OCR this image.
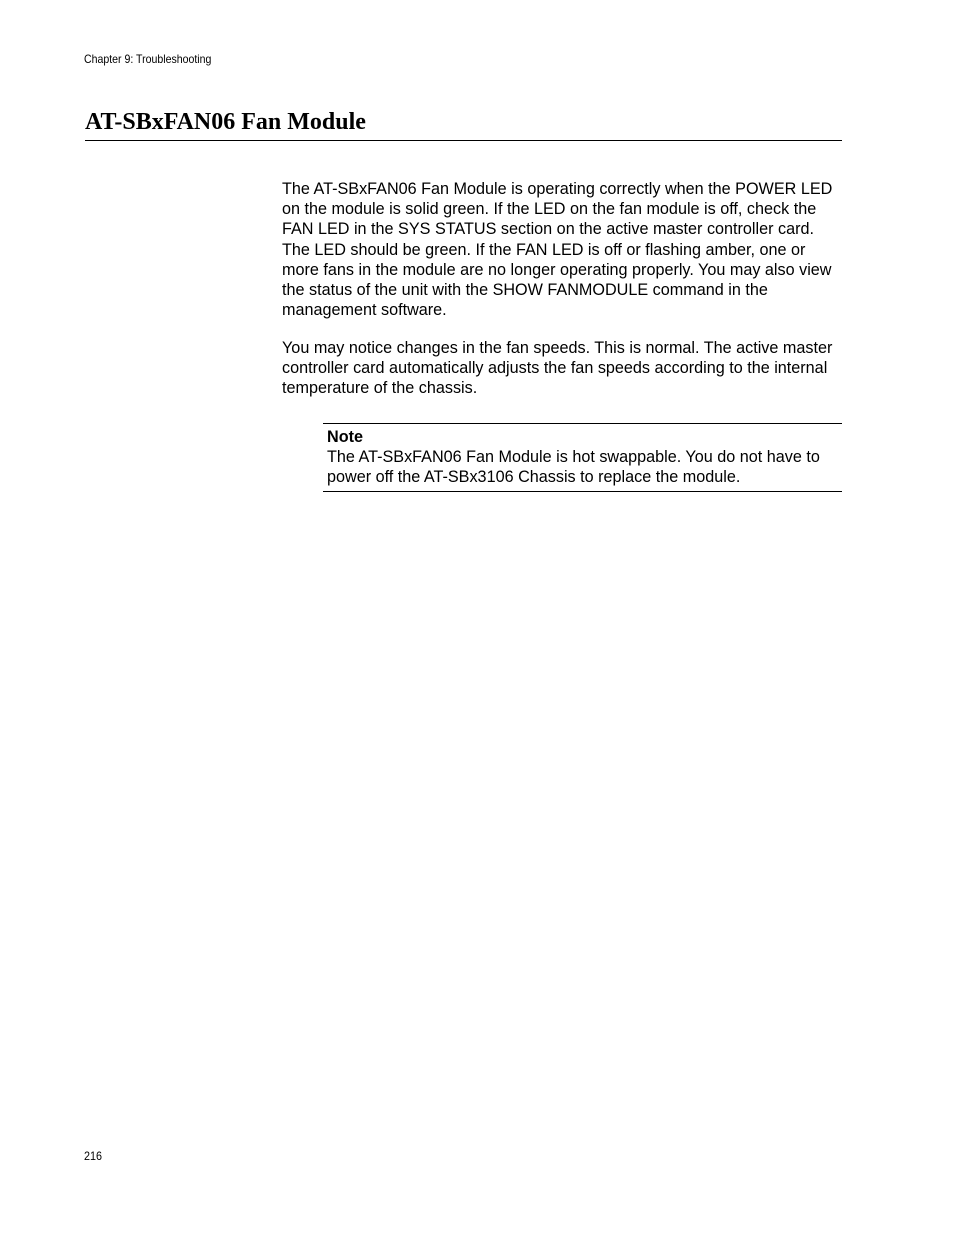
Chapter 9: Troubleshooting
AT-SBxFAN06 Fan Module

The AT-SBxFAN06 Fan Module is operating correctly when the POWER LED on the module is solid green. If the LED on the fan module is off, check the FAN LED in the SYS STATUS section on the active master controller card. The LED should be green. If the FAN LED is off or flashing amber, one or more fans in the module are no longer operating properly. You may also view the status of the unit with the SHOW FANMODULE command in the management software.

You may notice changes in the fan speeds. This is normal. The active master controller card automatically adjusts the fan speeds according to the internal temperature of the chassis.

Note
The AT-SBxFAN06 Fan Module is hot swappable. You do not have to power off the AT-SBx3106 Chassis to replace the module.
216
